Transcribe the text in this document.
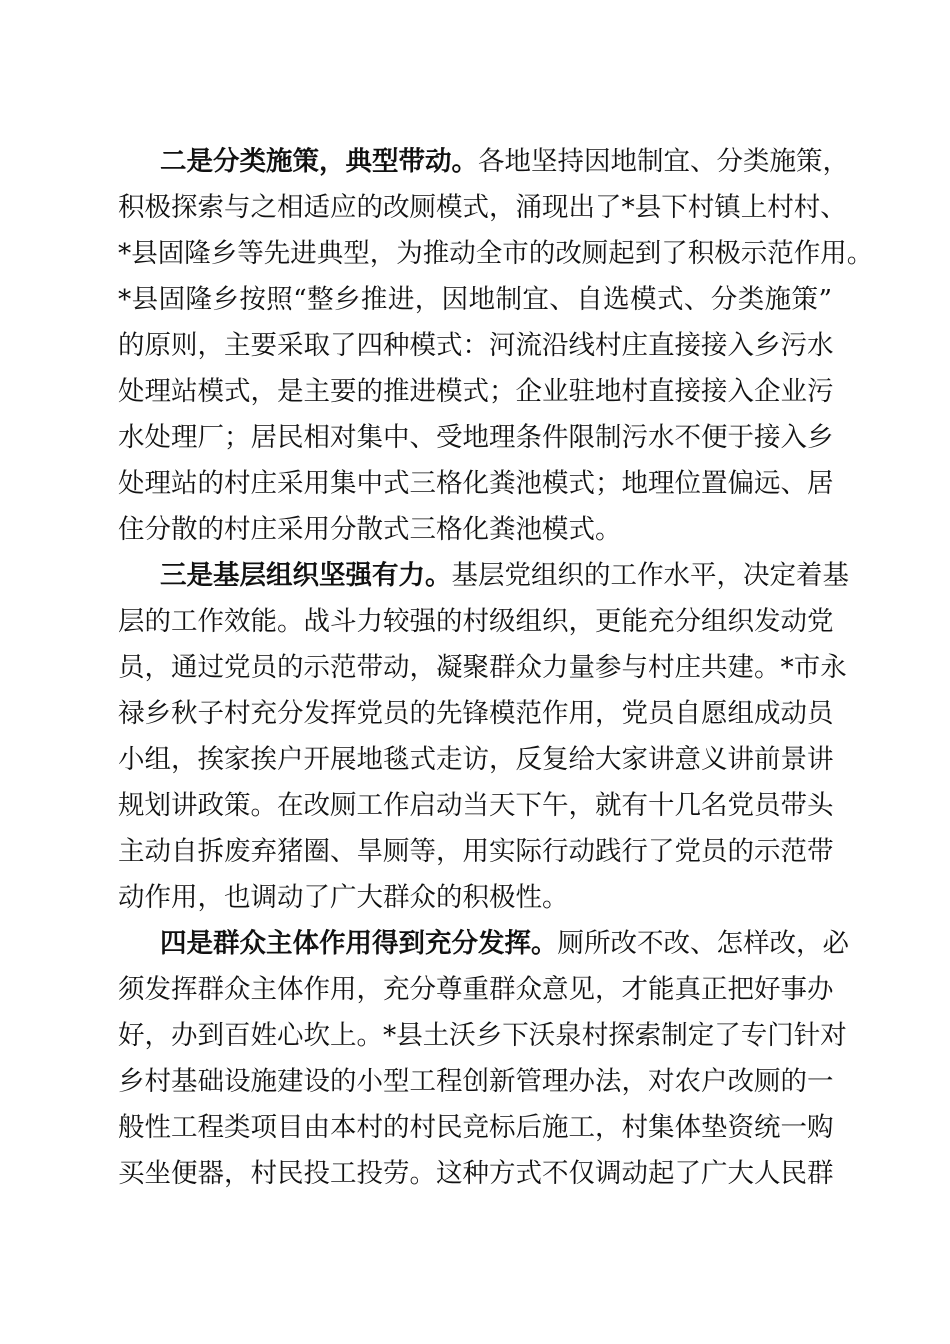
二是分类施策，典型带动。各地坚持因地制宜、分类施策，
积极探索与之相适应的改厕模式，涌现出了*县下村镇上村村、
*县固隆乡等先进典型，为推动全市的改厕起到了积极示范作用。
*县固隆乡按照“整乡推进，因地制宜、自选模式、分类施策”
的原则，主要采取了四种模式：河流沿线村庄直接接入乡污水
处理站模式，是主要的推进模式；企业驻地村直接接入企业污
水处理厂；居民相对集中、受地理条件限制污水不便于接入乡
处理站的村庄采用集中式三格化粪池模式；地理位置偏远、居
住分散的村庄采用分散式三格化粪池模式。
三是基层组织坚强有力。基层党组织的工作水平，决定着基
层的工作效能。战斗力较强的村级组织，更能充分组织发动党
员，通过党员的示范带动，凝聚群众力量参与村庄共建。*市永
禄乡秋子村充分发挥党员的先锋模范作用，党员自愿组成动员
小组，挨家挨户开展地毯式走访，反复给大家讲意义讲前景讲
规划讲政策。在改厕工作启动当天下午，就有十几名党员带头
主动自拆废弃猪圈、旱厕等，用实际行动践行了党员的示范带
动作用，也调动了广大群众的积极性。
四是群众主体作用得到充分发挥。厕所改不改、怎样改，必
须发挥群众主体作用，充分尊重群众意见，才能真正把好事办
好，办到百姓心坎上。*县土沃乡下沃泉村探索制定了专门针对
乡村基础设施建设的小型工程创新管理办法，对农户改厕的一
般性工程类项目由本村的村民竞标后施工，村集体垫资统一购
买坐便器，村民投工投劳。这种方式不仅调动起了广大人民群
